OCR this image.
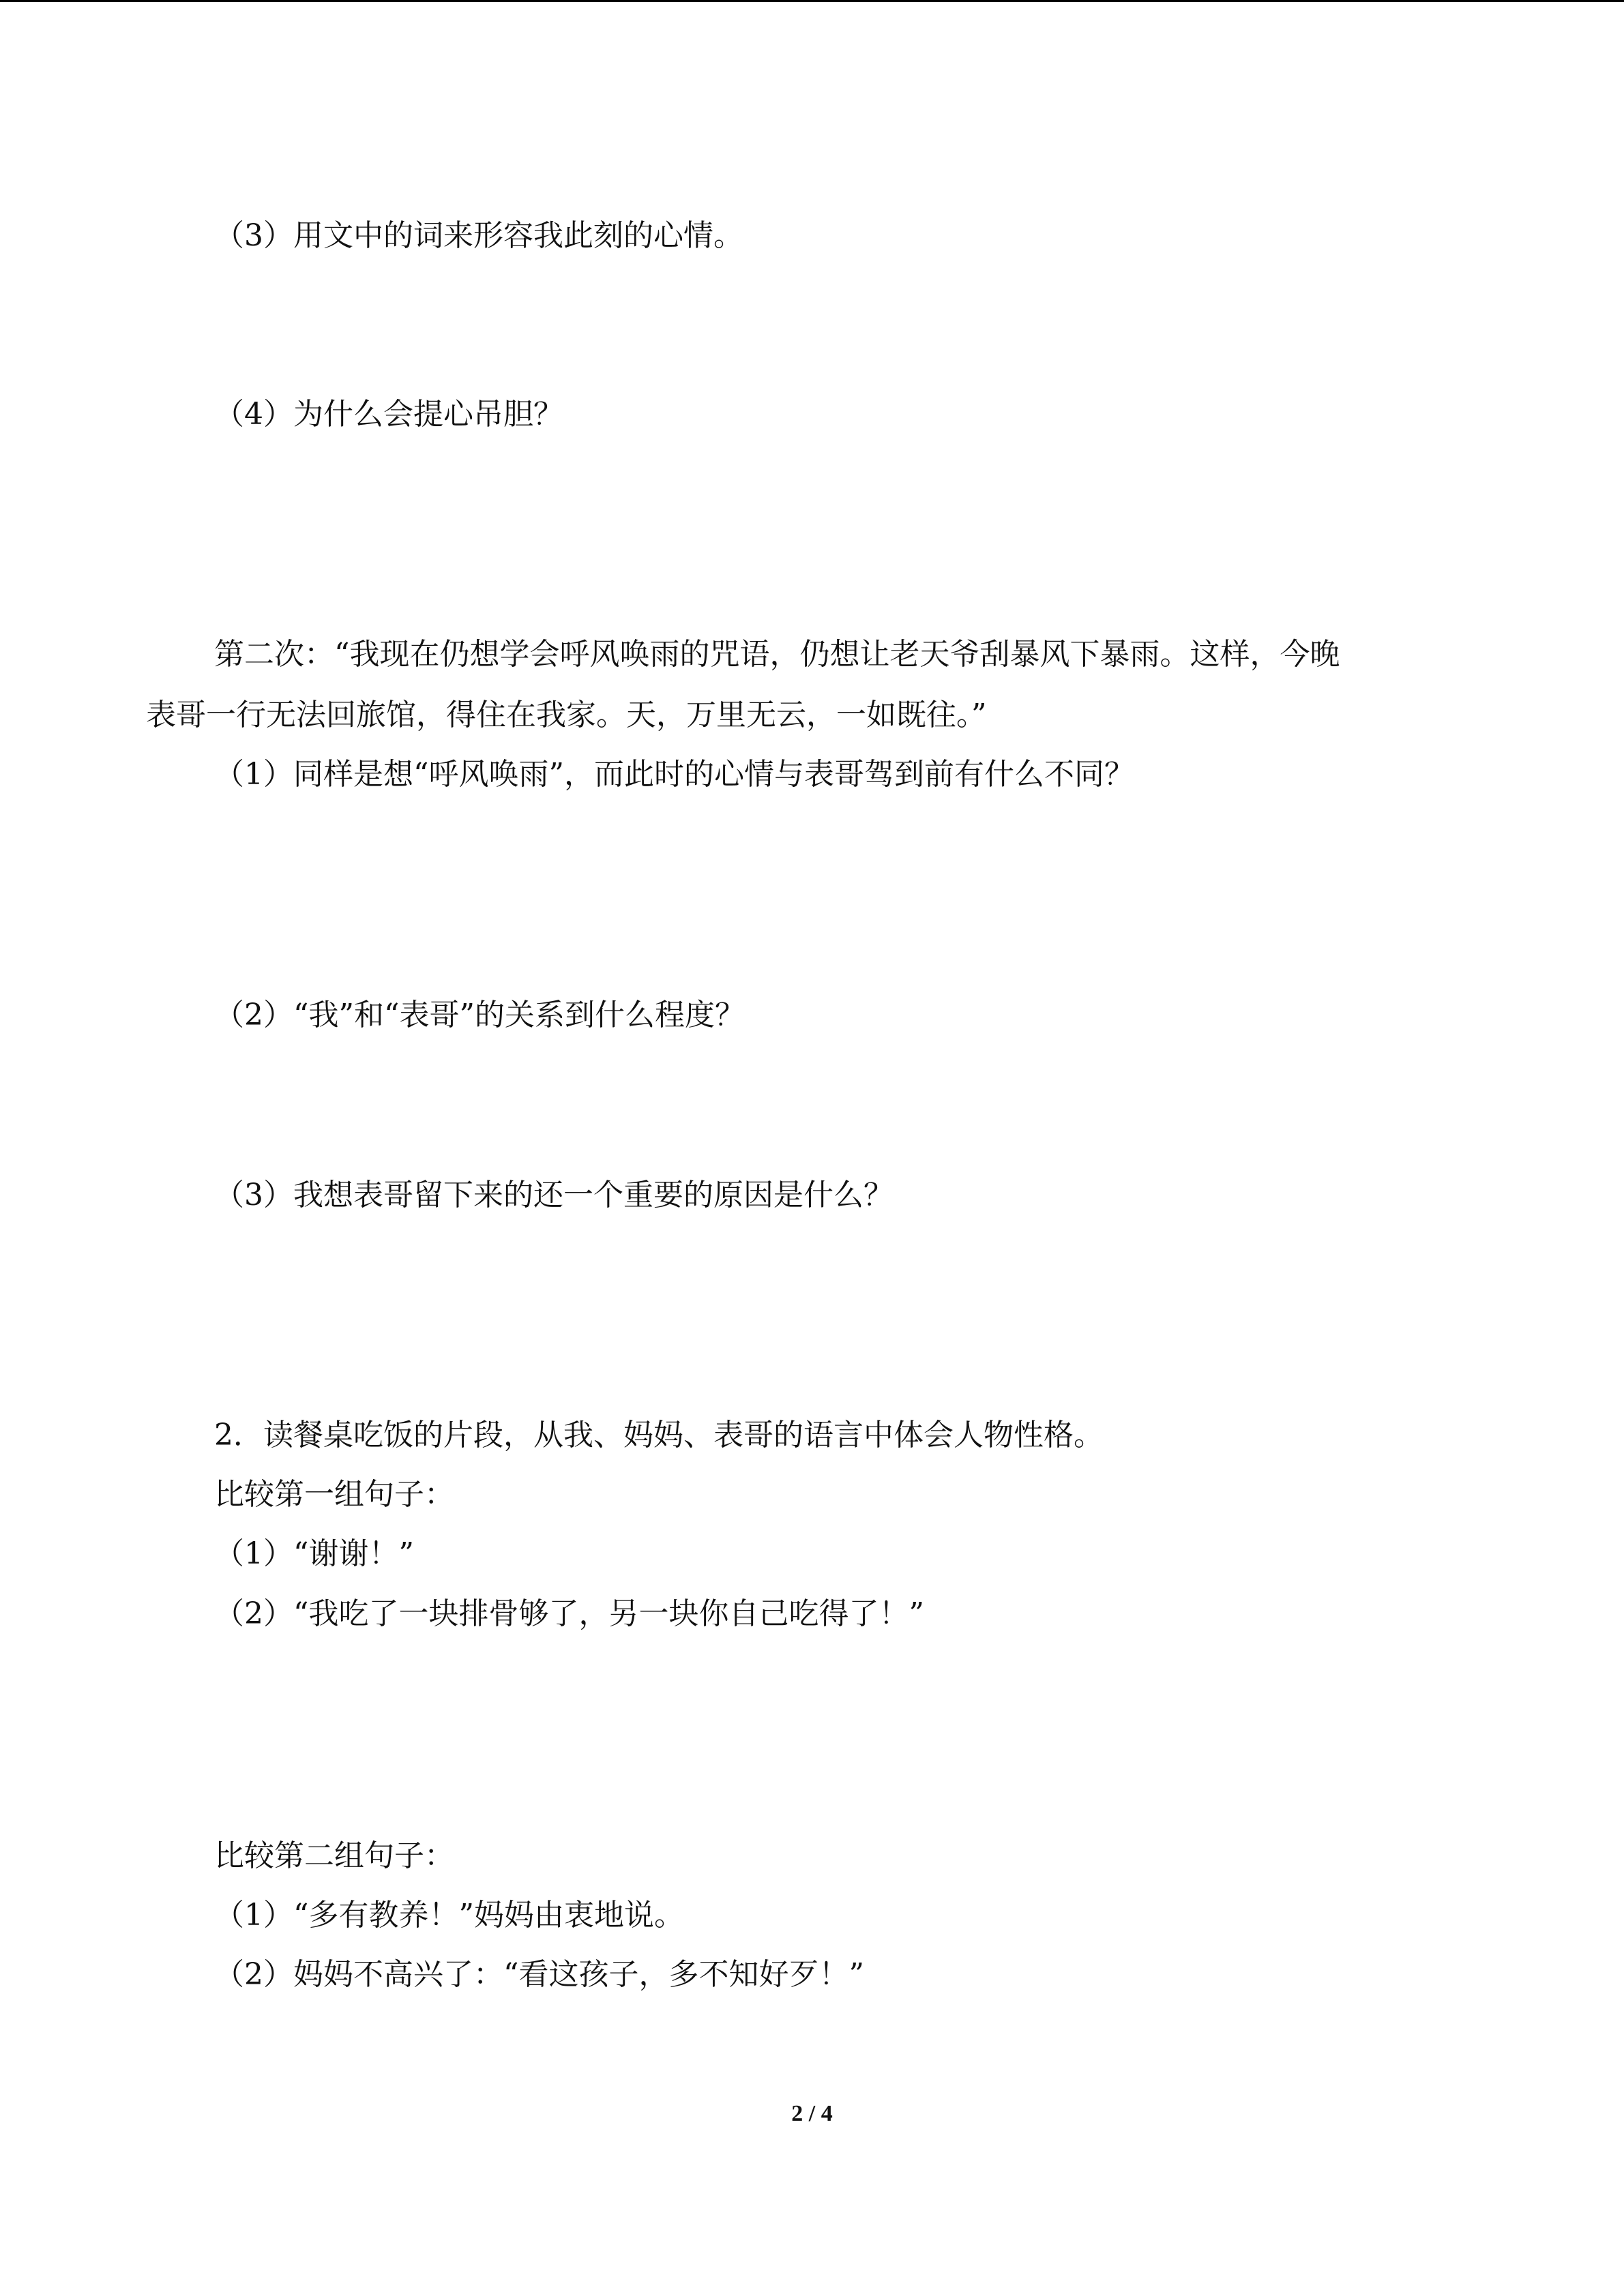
（3）用文中的词来形容我此刻的心情。
（4）为什么会提心吊胆？
第二次：“我现在仍想学会呼风唤雨的咒语，仍想让老天爷刮暴风下暴雨。这样，今晚
表哥一行无法回旅馆，得住在我家。天，万里无云，一如既往。”
（1）同样是想“呼风唤雨”，而此时的心情与表哥驾到前有什么不同？
（2）“我”和“表哥”的关系到什么程度？
（3）我想表哥留下来的还一个重要的原因是什么？
2．读餐桌吃饭的片段，从我、妈妈、表哥的语言中体会人物性格。
比较第一组句子：
（1）“谢谢！”
（2）“我吃了一块排骨够了，另一块你自己吃得了！”
比较第二组句子：
（1）“多有教养！”妈妈由衷地说。
（2）妈妈不高兴了：“看这孩子，多不知好歹！”
2 / 4
